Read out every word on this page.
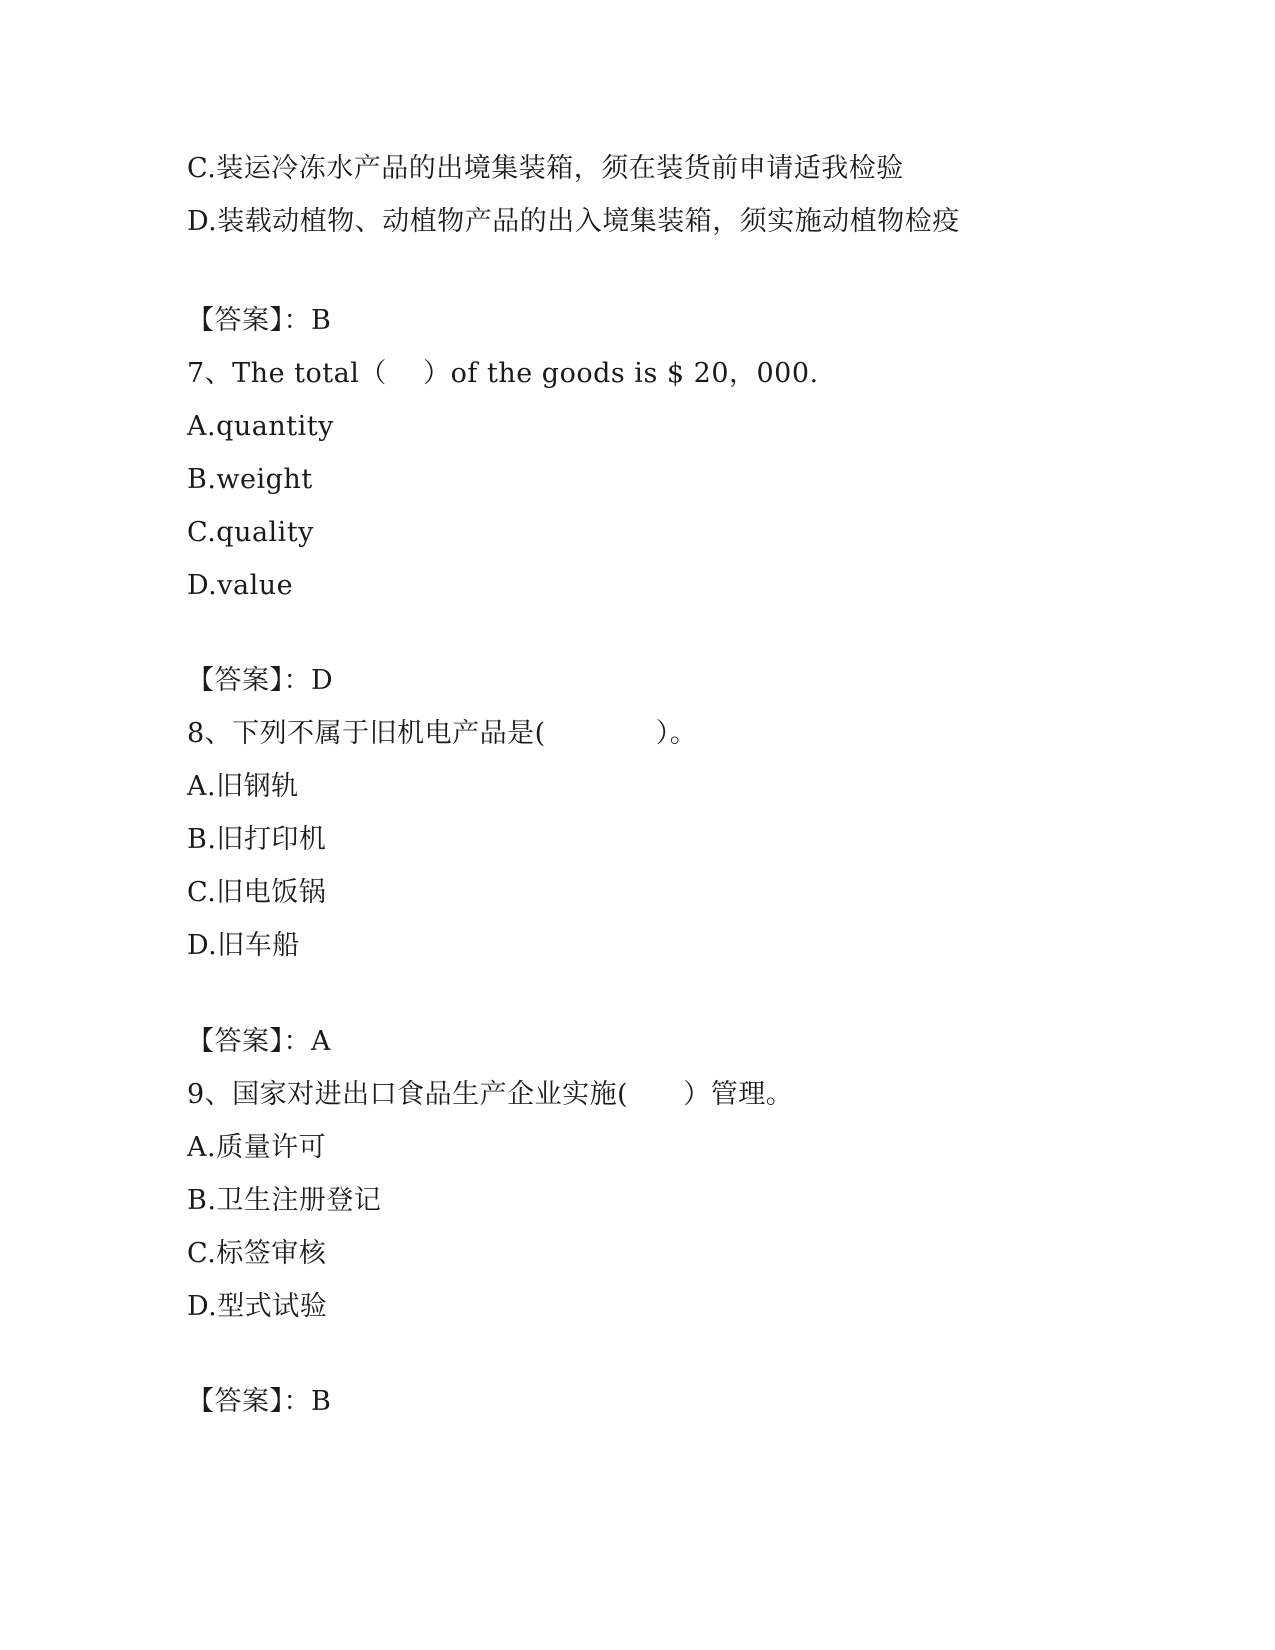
C.装运冷冻水产品的出境集装箱，须在装货前申请适我检验
D.装载动植物、动植物产品的出入境集装箱，须实施动植物检疫
【答案】：B
7、The total（    ）of the goods is $ 20，000.
A.quantity
B.weight
C.quality
D.value
【答案】：D
8、下列不属于旧机电产品是(　　　　）。
A.旧钢轨
B.旧打印机
C.旧电饭锅
D.旧车船
【答案】：A
9、国家对进出口食品生产企业实施(　　）管理。
A.质量许可
B.卫生注册登记
C.标签审核
D.型式试验
【答案】：B
